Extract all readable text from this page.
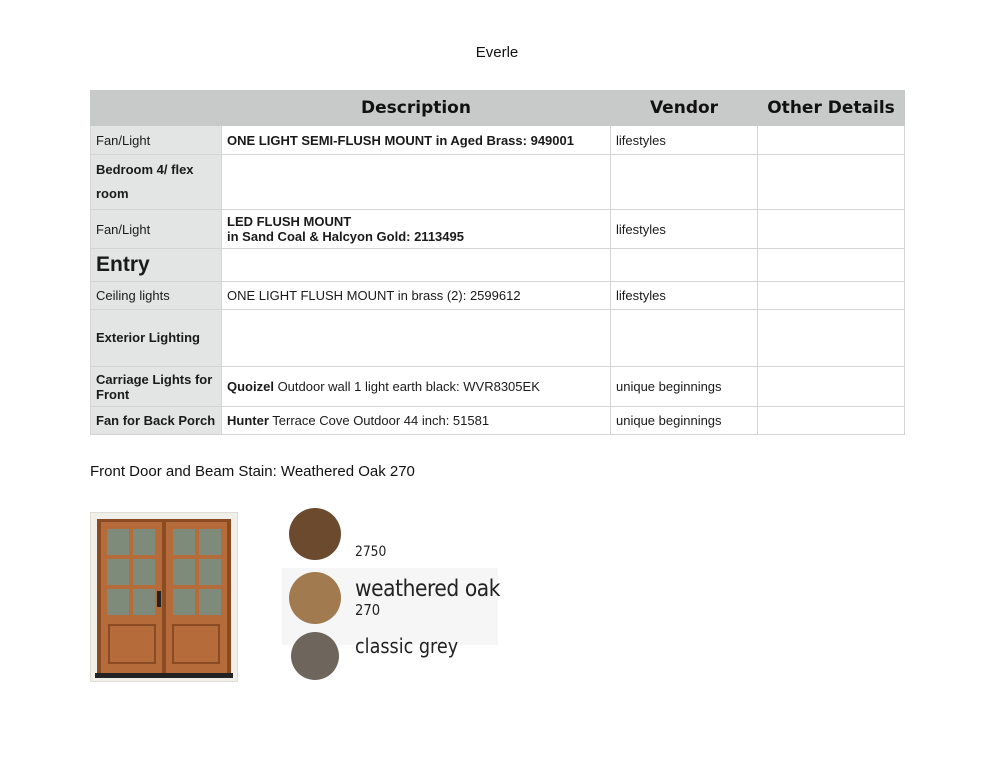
Everle
	Description	Vendor	Other Details
Fan/Light	ONE LIGHT SEMI-FLUSH MOUNT in Aged Brass: 949001	lifestyles	
Bedroom 4/ flex room			
Fan/Light	LED FLUSH MOUNT
in Sand Coal & Halcyon Gold: 2113495	lifestyles	
Entry			
Ceiling lights	ONE LIGHT FLUSH MOUNT in brass (2): 2599612	lifestyles	
Exterior Lighting			
Carriage Lights for Front	Quoizel Outdoor wall 1 light earth black: WVR8305EK	unique beginnings	
Fan for Back Porch	Hunter Terrace Cove Outdoor 44 inch: 51581	unique beginnings	
Front Door and Beam Stain: Weathered Oak 270
2750
weathered oak
270
classic grey
